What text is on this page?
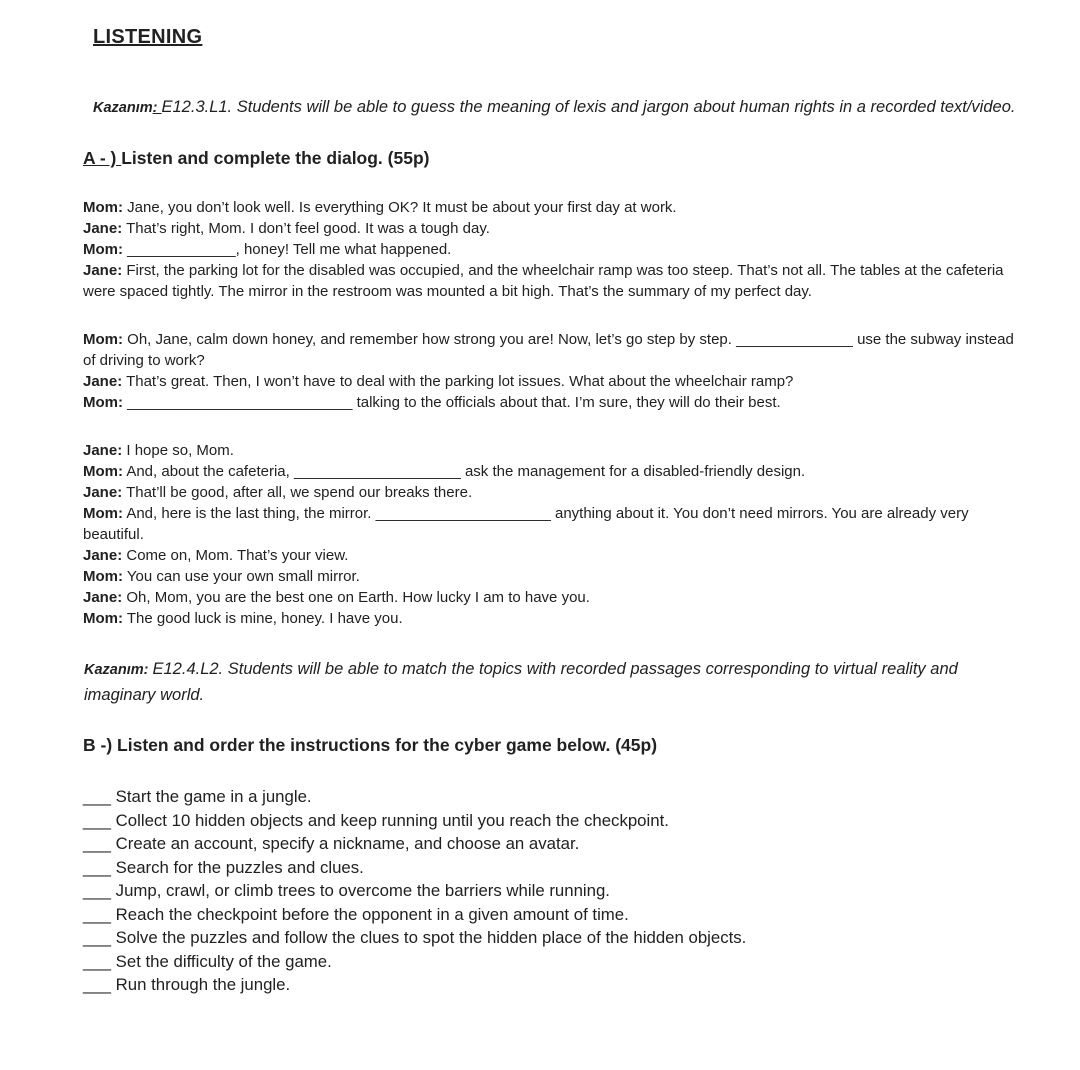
LISTENING
Kazanım: E12.3.L1. Students will be able to guess the meaning of lexis and jargon about human rights in a recorded text/video.
A - ) Listen and complete the dialog. (55p)
Mom: Jane, you don’t look well. Is everything OK? It must be about your first day at work.
Jane: That’s right, Mom. I don’t feel good. It was a tough day.
Mom: _____________, honey! Tell me what happened.
Jane: First, the parking lot for the disabled was occupied, and the wheelchair ramp was too steep. That’s not all. The tables at the cafeteria were spaced tightly. The mirror in the restroom was mounted a bit high. That’s the summary of my perfect day.
Mom: Oh, Jane, calm down honey, and remember how strong you are! Now, let’s go step by step. ______________ use the subway instead of driving to work?
Jane: That’s great. Then, I won’t have to deal with the parking lot issues. What about the wheelchair ramp?
Mom: ___________________________ talking to the officials about that. I’m sure, they will do their best.
Jane: I hope so, Mom.
Mom: And, about the cafeteria, ____________________ ask the management for a disabled-friendly design.
Jane: That’ll be good, after all, we spend our breaks there.
Mom: And, here is the last thing, the mirror. _____________________ anything about it. You don’t need mirrors. You are already very beautiful.
Jane: Come on, Mom. That’s your view.
Mom: You can use your own small mirror.
Jane: Oh, Mom, you are the best one on Earth. How lucky I am to have you.
Mom: The good luck is mine, honey. I have you.
Kazanım: E12.4.L2. Students will be able to match the topics with recorded passages corresponding to virtual reality and imaginary world.
B -) Listen and order the instructions for the cyber game below. (45p)
___ Start the game in a jungle.
___ Collect 10 hidden objects and keep running until you reach the checkpoint.
___ Create an account, specify a nickname, and choose an avatar.
___ Search for the puzzles and clues.
___ Jump, crawl, or climb trees to overcome the barriers while running.
___ Reach the checkpoint before the opponent in a given amount of time.
___ Solve the puzzles and follow the clues to spot the hidden place of the hidden objects.
___ Set the difficulty of the game.
___ Run through the jungle.
